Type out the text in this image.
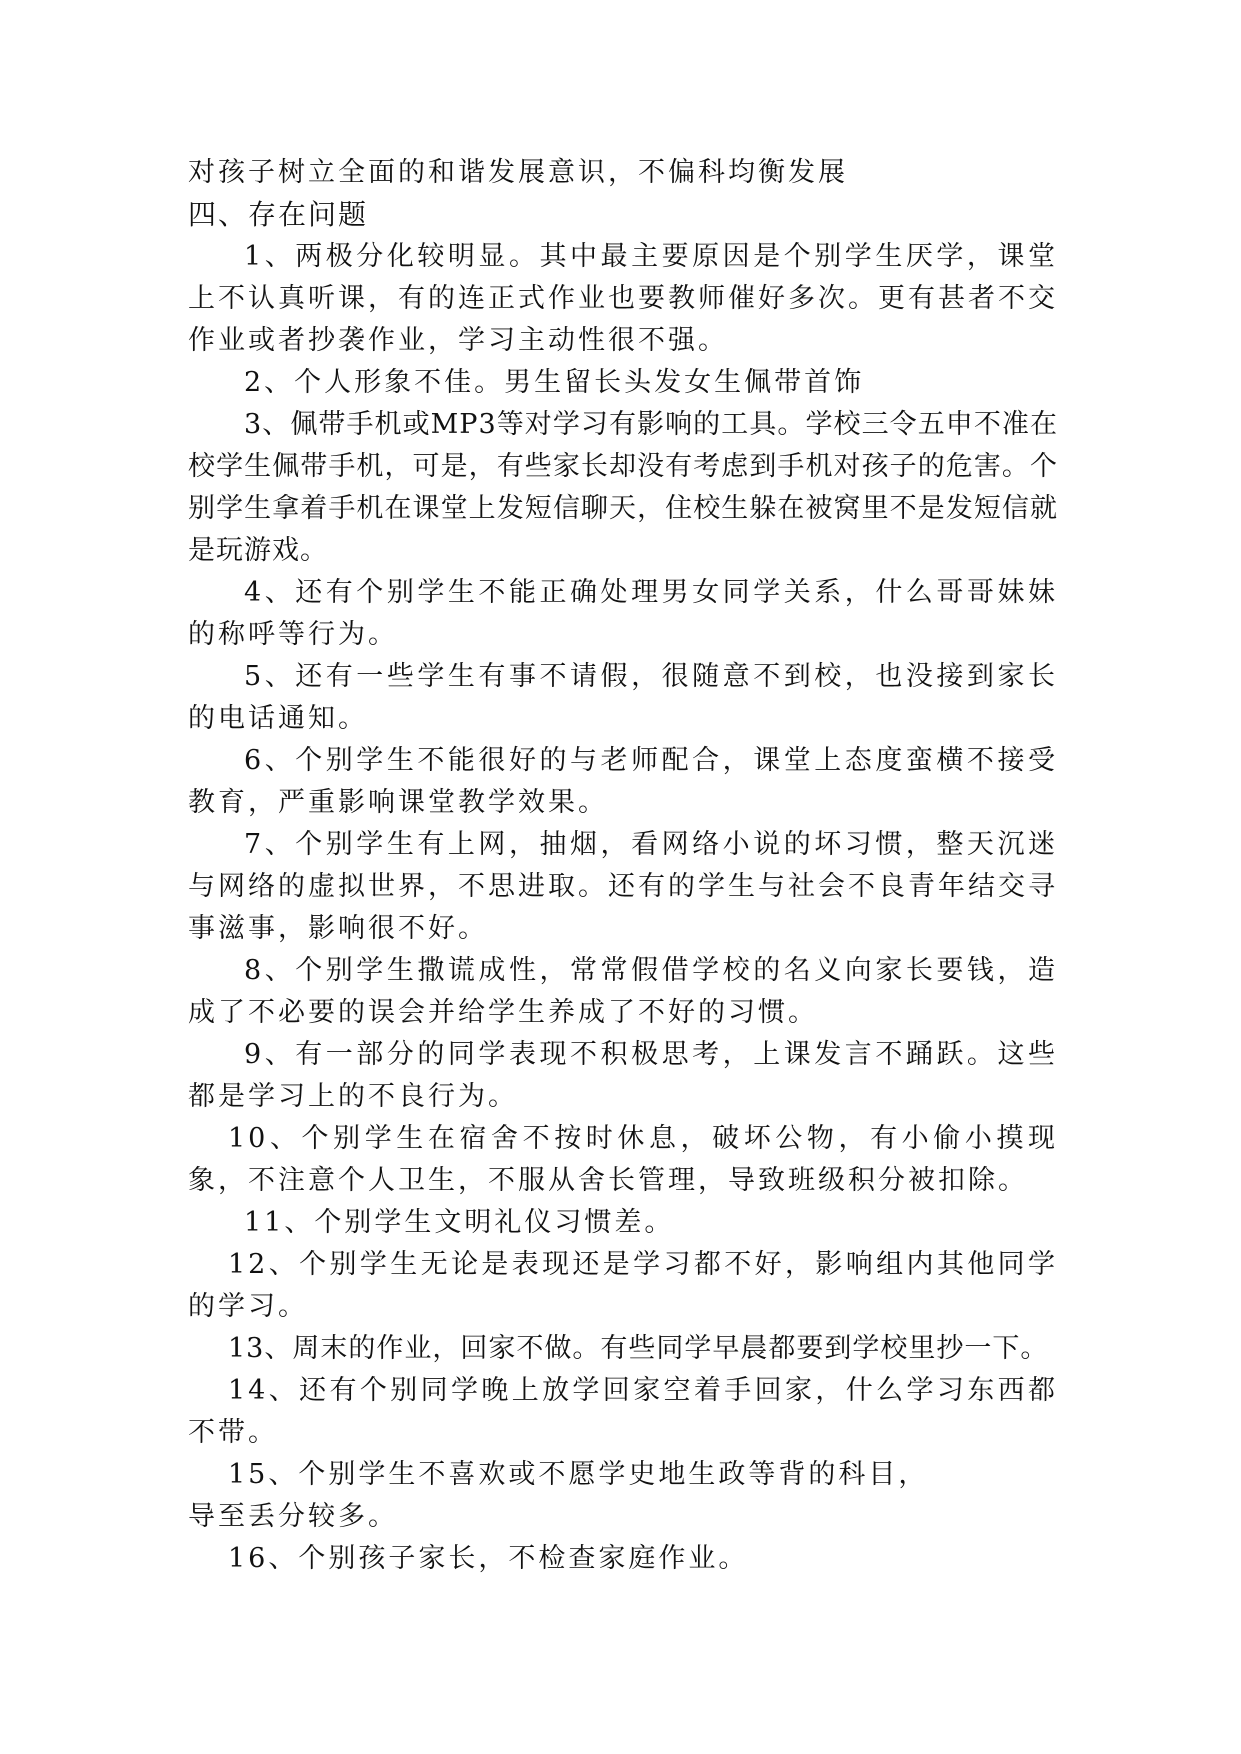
对孩子树立全面的和谐发展意识，不偏科均衡发展

四、存在问题

1、两极分化较明显。其中最主要原因是个别学生厌学，课堂上不认真听课，有的连正式作业也要教师催好多次。更有甚者不交作业或者抄袭作业，学习主动性很不强。

2、个人形象不佳。男生留长头发女生佩带首饰

3、佩带手机或MP3等对学习有影响的工具。学校三令五申不准在校学生佩带手机，可是，有些家长却没有考虑到手机对孩子的危害。个别学生拿着手机在课堂上发短信聊天，住校生躲在被窝里不是发短信就是玩游戏。

4、还有个别学生不能正确处理男女同学关系，什么哥哥妹妹的称呼等行为。

5、还有一些学生有事不请假，很随意不到校，也没接到家长的电话通知。

6、个别学生不能很好的与老师配合，课堂上态度蛮横不接受教育，严重影响课堂教学效果。

7、个别学生有上网，抽烟，看网络小说的坏习惯，整天沉迷与网络的虚拟世界，不思进取。还有的学生与社会不良青年结交寻事滋事，影响很不好。

8、个别学生撒谎成性，常常假借学校的名义向家长要钱，造成了不必要的误会并给学生养成了不好的习惯。

9、有一部分的同学表现不积极思考，上课发言不踊跃。这些都是学习上的不良行为。

10、个别学生在宿舍不按时休息，破坏公物，有小偷小摸现象，不注意个人卫生，不服从舍长管理，导致班级积分被扣除。

11、个别学生文明礼仪习惯差。

12、个别学生无论是表现还是学习都不好，影响组内其他同学的学习。

13、周末的作业，回家不做。有些同学早晨都要到学校里抄一下。

14、还有个别同学晚上放学回家空着手回家，什么学习东西都不带。

15、个别学生不喜欢或不愿学史地生政等背的科目，

导至丢分较多。

16、个别孩子家长，不检查家庭作业。
